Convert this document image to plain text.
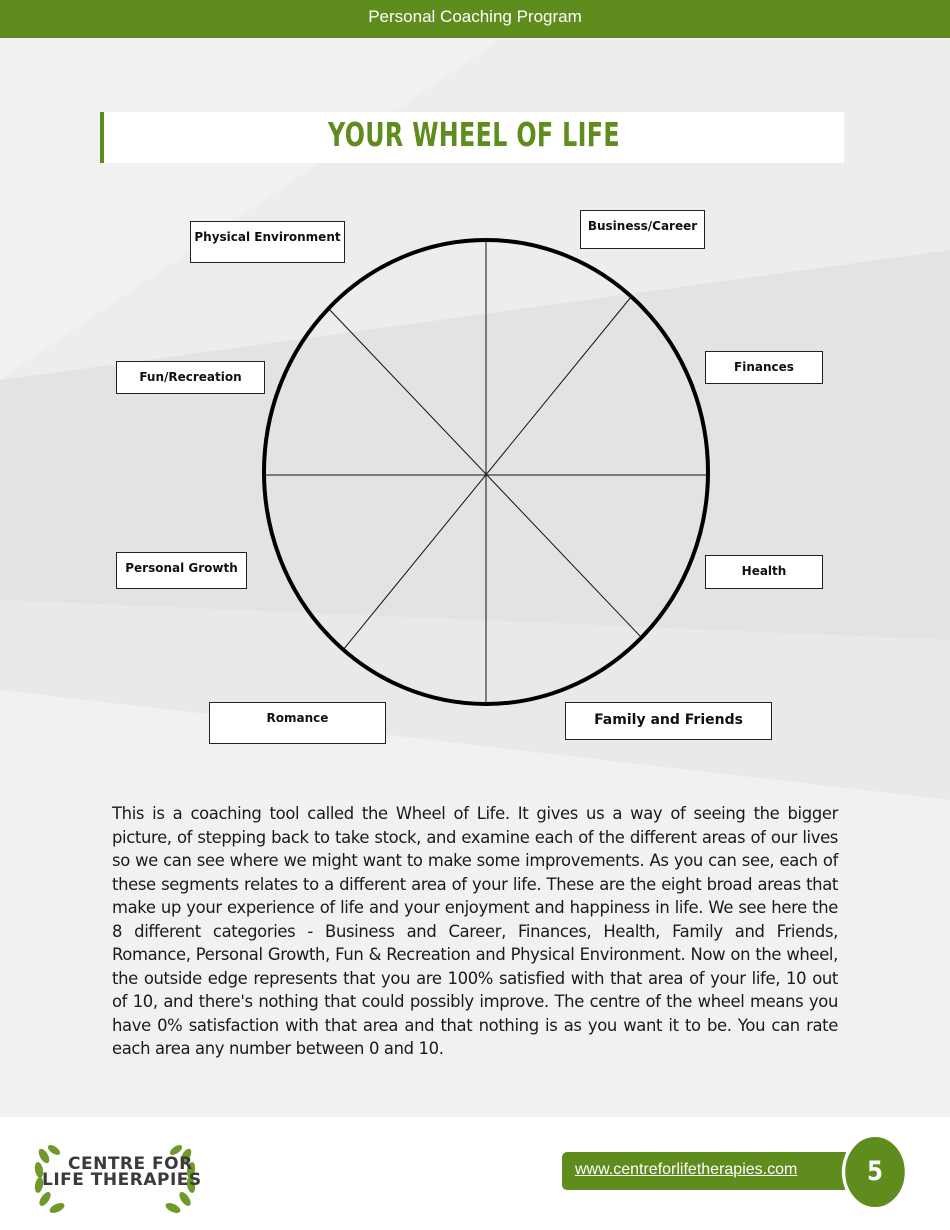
Personal Coaching Program
YOUR WHEEL OF LIFE
Business/Career
Finances
Health
Family and Friends
Romance
Personal Growth
Fun/Recreation
Physical Environment

This is a coaching tool called the Wheel of Life. It gives us a way of seeing the bigger picture, of stepping back to take stock, and examine each of the different areas of our lives so we can see where we might want to make some improvements. As you can see, each of these segments relates to a different area of your life. These are the eight broad areas that make up your experience of life and your enjoyment and happiness in life. We see here the 8 different categories - Business and Career, Finances, Health, Family and Friends, Romance, Personal Growth, Fun & Recreation and Physical Environment. Now on the wheel, the outside edge represents that you are 100% satisfied with that area of your life, 10 out of 10, and there's nothing that could possibly improve. The centre of the wheel means you have 0% satisfaction with that area and that nothing is as you want it to be. You can rate each area any number between 0 and 10.

CENTRE FOR
LIFE THERAPIES
www.centreforlifetherapies.com	5
